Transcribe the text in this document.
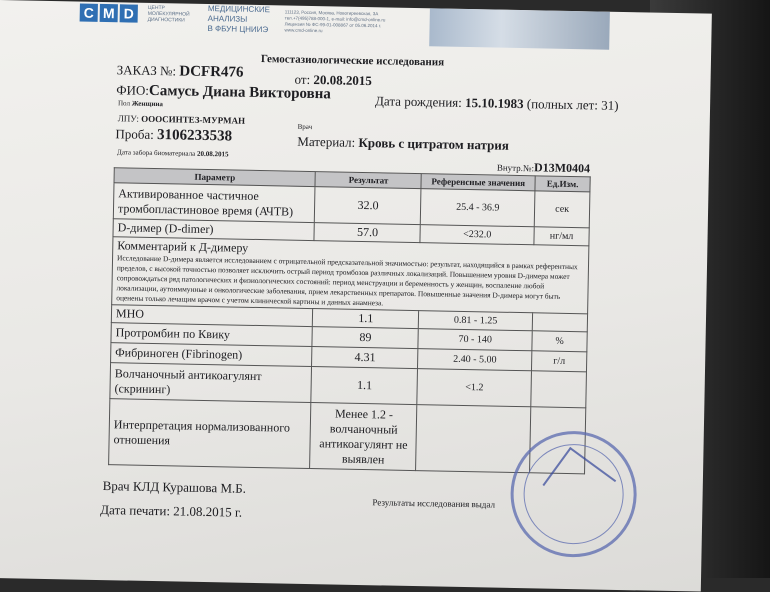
C M D	ЦЕНТР
МОЛЕКУЛЯРНОЙ
ДИАГНОСТИКИ
МЕДИЦИНСКИЕ
АНАЛИЗЫ
В ФБУН ЦНИИЭ
111123, Россия, Москва, Новогиреевская, 3А
тел.+7(495)788-000-1, e-mail: info@cmd-online.ru
Лицензия № ФС-99-01-008867 от 05.06.2014 г.
www.cmd-online.ru
Гемостазиологические исследования
ЗАКАЗ №: DCFR476	от: 20.08.2015
ФИО:Самусь Диана Викторовна	Дата рождения: 15.10.1983 (полных лет: 31)
Пол Женщина
ЛПУ: ОООСИНТЕЗ-МУРМАН
Врач
Проба: 3106233538	Материал: Кровь с цитратом натрия
Дата забора биоматериала 20.08.2015
Внутр.№:D13M0404
Параметр	Результат	Референсные значения	Ед.Изм.
Активированное частичное тромбопластиновое время (АЧТВ)	32.0	25.4 - 36.9	сек
D-димер (D-dimer)	57.0	<232.0	нг/мл

Комментарий к Д-димеру
Исследование D-димера является исследованием с отрицательной предсказательной значимостью: результат, находящийся в рамках референтных пределов, с высокой точностью позволяет исключить острый период тромбозов различных локализаций. Повышением уровня D-димера может сопровождаться ряд патологических и физиологических состояний: период менструации и беременность у женщин, воспаление любой локализации, аутоиммунные и онкологические заболевания, прием лекарственных препаратов. Повышенные значения D-димера могут быть оценены только лечащим врачом с учетом клинической картины и данных анамнеза.			

МНО	1.1	0.81 - 1.25	
Протромбин по Квику	89	70 - 140	%
Фибриноген (Fibrinogen)	4.31	2.40 - 5.00	г/л
Волчаночный антикоагулянт (скрининг)	1.1	<1.2	
Интерпретация нормализованного отношения	Менее 1.2 - волчаночный антикоагулянт не выявлен		
Врач КЛД Курашова М.Б.
Результаты исследования выдал
Дата печати: 21.08.2015 г.
